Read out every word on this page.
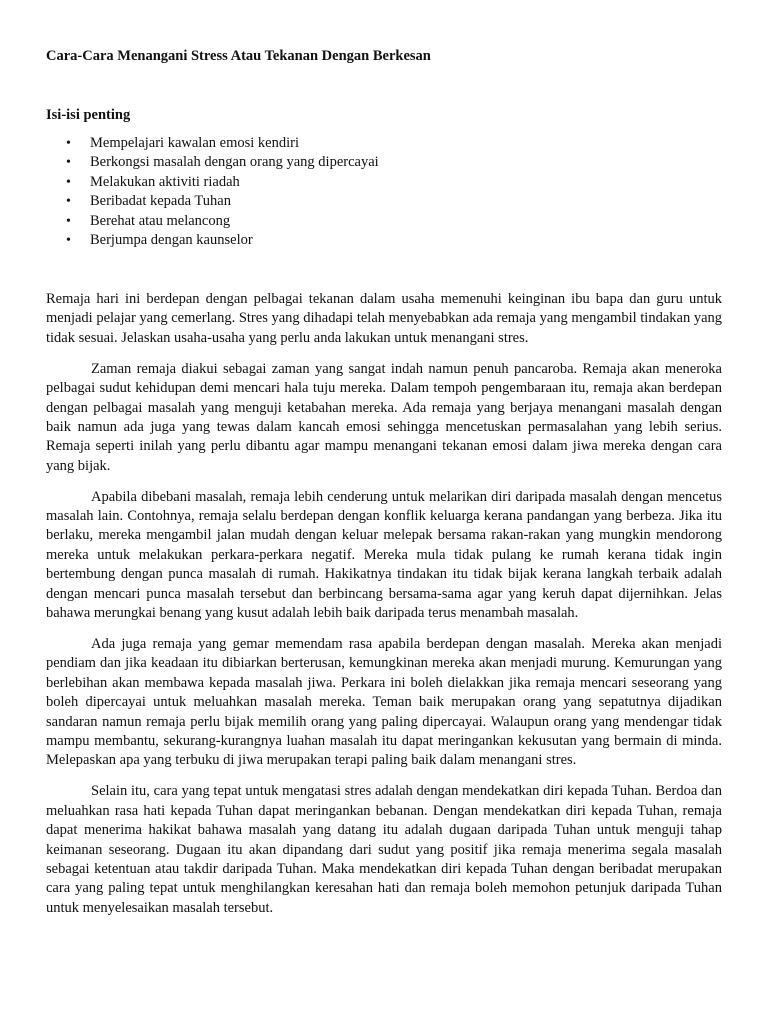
Cara-Cara Menangani Stress Atau Tekanan Dengan Berkesan
Isi-isi penting
• Mempelajari kawalan emosi kendiri
• Berkongsi masalah dengan orang yang dipercayai
• Melakukan aktiviti riadah
• Beribadat kepada Tuhan
• Berehat atau melancong
• Berjumpa dengan kaunselor

Remaja hari ini berdepan dengan pelbagai tekanan dalam usaha memenuhi keinginan ibu bapa dan guru untuk menjadi pelajar yang cemerlang. Stres yang dihadapi telah menyebabkan ada remaja yang mengambil tindakan yang tidak sesuai. Jelaskan usaha-usaha yang perlu anda lakukan untuk menangani stres.

Zaman remaja diakui sebagai zaman yang sangat indah namun penuh pancaroba. Remaja akan meneroka pelbagai sudut kehidupan demi mencari hala tuju mereka. Dalam tempoh pengembaraan itu, remaja akan berdepan dengan pelbagai masalah yang menguji ketabahan mereka. Ada remaja yang berjaya menangani masalah dengan baik namun ada juga yang tewas dalam kancah emosi sehingga mencetuskan permasalahan yang lebih serius. Remaja seperti inilah yang perlu dibantu agar mampu menangani tekanan emosi dalam jiwa mereka dengan cara yang bijak.

Apabila dibebani masalah, remaja lebih cenderung untuk melarikan diri daripada masalah dengan mencetus masalah lain. Contohnya, remaja selalu berdepan dengan konflik keluarga kerana pandangan yang berbeza. Jika itu berlaku, mereka mengambil jalan mudah dengan keluar melepak bersama rakan-rakan yang mungkin mendorong mereka untuk melakukan perkara-perkara negatif. Mereka mula tidak pulang ke rumah kerana tidak ingin bertembung dengan punca masalah di rumah. Hakikatnya tindakan itu tidak bijak kerana langkah terbaik adalah dengan mencari punca masalah tersebut dan berbincang bersama-sama agar yang keruh dapat dijernihkan. Jelas bahawa merungkai benang yang kusut adalah lebih baik daripada terus menambah masalah.

Ada juga remaja yang gemar memendam rasa apabila berdepan dengan masalah. Mereka akan menjadi pendiam dan jika keadaan itu dibiarkan berterusan, kemungkinan mereka akan menjadi murung. Kemurungan yang berlebihan akan membawa kepada masalah jiwa. Perkara ini boleh dielakkan jika remaja mencari seseorang yang boleh dipercayai untuk meluahkan masalah mereka. Teman baik merupakan orang yang sepatutnya dijadikan sandaran namun remaja perlu bijak memilih orang yang paling dipercayai. Walaupun orang yang mendengar tidak mampu membantu, sekurang-kurangnya luahan masalah itu dapat meringankan kekusutan yang bermain di minda. Melepaskan apa yang terbuku di jiwa merupakan terapi paling baik dalam menangani stres.

Selain itu, cara yang tepat untuk mengatasi stres adalah dengan mendekatkan diri kepada Tuhan. Berdoa dan meluahkan rasa hati kepada Tuhan dapat meringankan bebanan. Dengan mendekatkan diri kepada Tuhan, remaja dapat menerima hakikat bahawa masalah yang datang itu adalah dugaan daripada Tuhan untuk menguji tahap keimanan seseorang. Dugaan itu akan dipandang dari sudut yang positif jika remaja menerima segala masalah sebagai ketentuan atau takdir daripada Tuhan. Maka mendekatkan diri kepada Tuhan dengan beribadat merupakan cara yang paling tepat untuk menghilangkan keresahan hati dan remaja boleh memohon petunjuk daripada Tuhan untuk menyelesaikan masalah tersebut.
